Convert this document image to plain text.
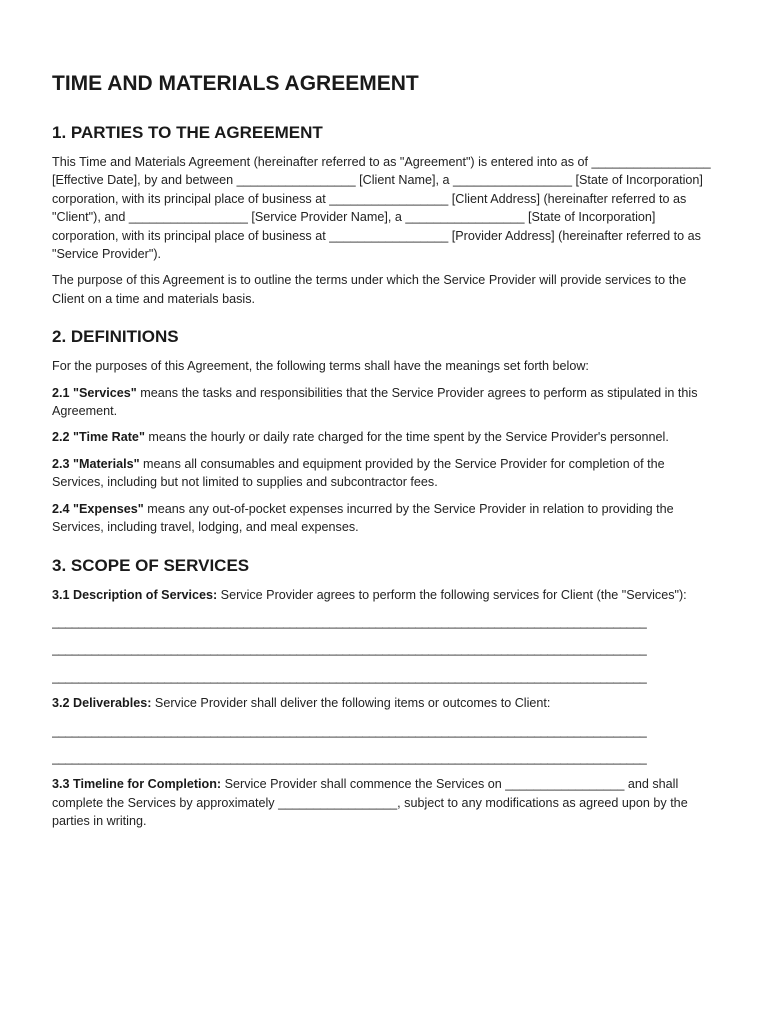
TIME AND MATERIALS AGREEMENT
1. PARTIES TO THE AGREEMENT

This Time and Materials Agreement (hereinafter referred to as "Agreement") is entered into as of _________________ [Effective Date], by and between _________________ [Client Name], a _________________ [State of Incorporation] corporation, with its principal place of business at _________________ [Client Address] (hereinafter referred to as "Client"), and _________________ [Service Provider Name], a _________________ [State of Incorporation] corporation, with its principal place of business at _________________ [Provider Address] (hereinafter referred to as "Service Provider").

The purpose of this Agreement is to outline the terms under which the Service Provider will provide services to the Client on a time and materials basis.

2. DEFINITIONS

For the purposes of this Agreement, the following terms shall have the meanings set forth below:

2.1 "Services" means the tasks and responsibilities that the Service Provider agrees to perform as stipulated in this Agreement.

2.2 "Time Rate" means the hourly or daily rate charged for the time spent by the Service Provider's personnel.

2.3 "Materials" means all consumables and equipment provided by the Service Provider for completion of the Services, including but not limited to supplies and subcontractor fees.

2.4 "Expenses" means any out-of-pocket expenses incurred by the Service Provider in relation to providing the Services, including travel, lodging, and meal expenses.

3. SCOPE OF SERVICES

3.1 Description of Services: Service Provider agrees to perform the following services for Client (the "Services"):

__________________________________________________________________________________________
__________________________________________________________________________________________
__________________________________________________________________________________________

3.2 Deliverables: Service Provider shall deliver the following items or outcomes to Client:

__________________________________________________________________________________________
__________________________________________________________________________________________

3.3 Timeline for Completion: Service Provider shall commence the Services on _________________ and shall complete the Services by approximately _________________, subject to any modifications as agreed upon by the parties in writing.
